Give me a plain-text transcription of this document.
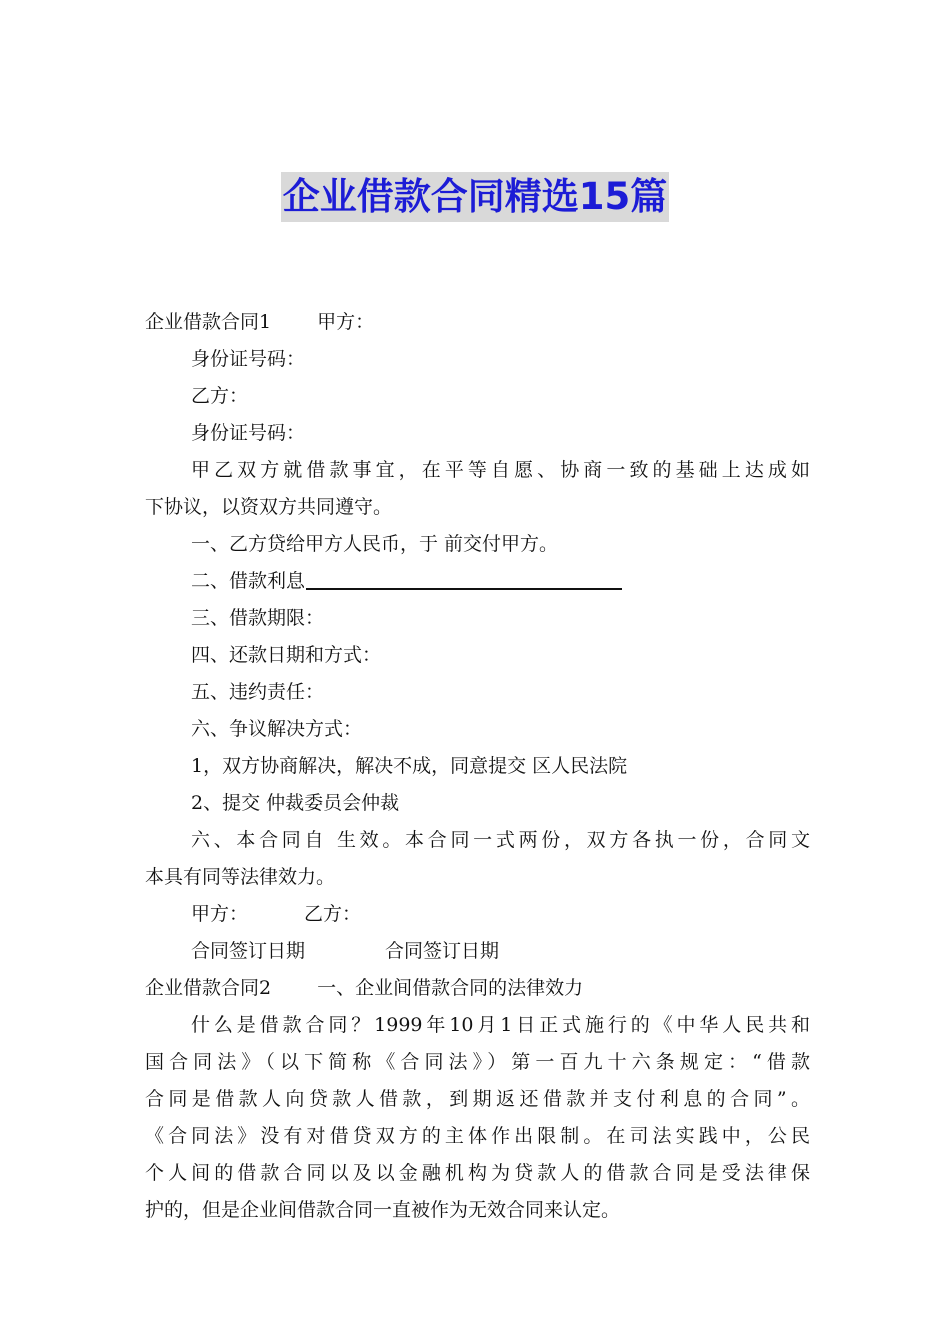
企业借款合同精选15篇
企业借款合同1 甲方：
身份证号码：
乙方：
身份证号码：
甲乙双方就借款事宜，在平等自愿、协商一致的基础上达成如
下协议，以资双方共同遵守。
一、乙方贷给甲方人民币，于 前交付甲方。
二、借款利息
三、借款期限：
四、还款日期和方式：
五、违约责任：
六、争议解决方式：
1，双方协商解决，解决不成，同意提交 区人民法院
2、提交 仲裁委员会仲裁
六、本合同自 生效。本合同一式两份，双方各执一份，合同文
本具有同等法律效力。
甲方：	乙方：
合同签订日期	合同签订日期
企业借款合同2 一、企业间借款合同的法律效力
什么是借款合同？1999年10月1日正式施行的《中华人民共和
国合同法》（以下简称《合同法》）第一百九十六条规定：“借款
合同是借款人向贷款人借款，到期返还借款并支付利息的合同”。
《合同法》没有对借贷双方的主体作出限制。在司法实践中，公民
个人间的借款合同以及以金融机构为贷款人的借款合同是受法律保
护的，但是企业间借款合同一直被作为无效合同来认定。
